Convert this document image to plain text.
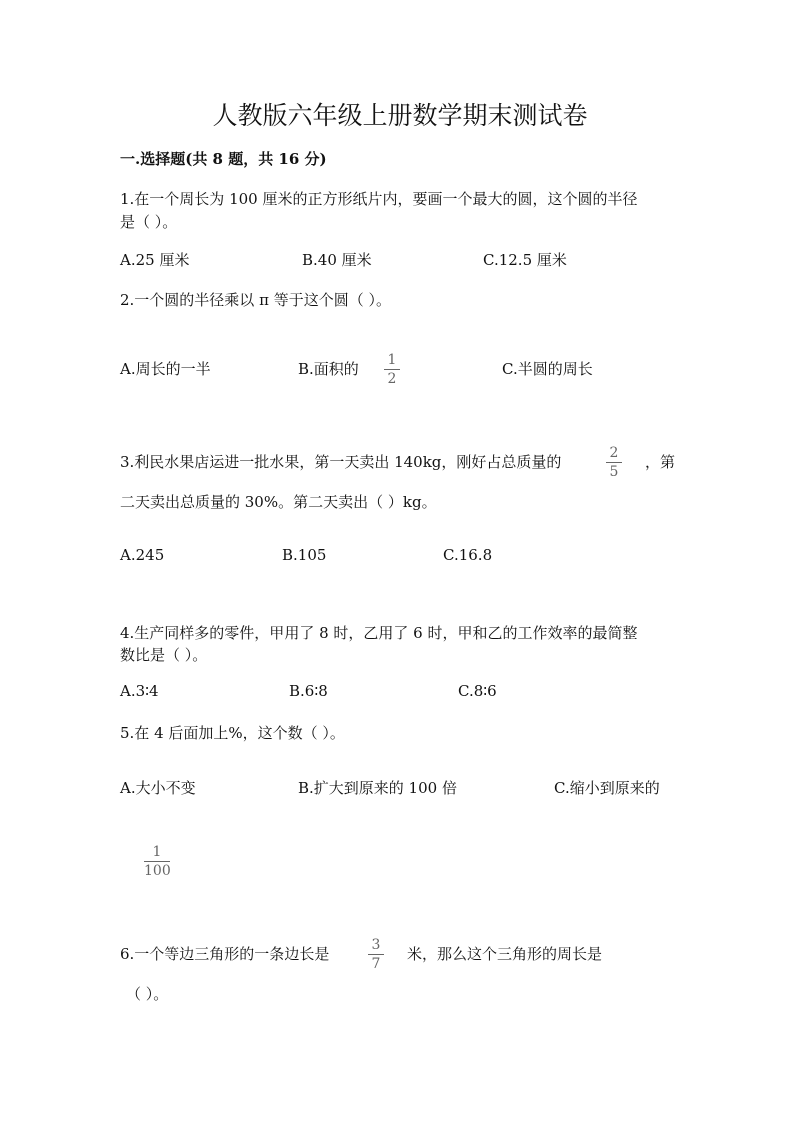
人教版六年级上册数学期末测试卷
一.选择题(共 8 题，共 16 分)
1.在一个周长为 100 厘米的正方形纸片内，要画一个最大的圆，这个圆的半径
是（ ）。
A.25 厘米	B.40 厘米	C.12.5 厘米
2.一个圆的半径乘以 π 等于这个圆（ ）。
A.周长的一半	B.面积的 1
2
C.半圆的周长
3.利民水果店运进一批水果，第一天卖出 140kg，刚好占总质量的	2
5
，第
二天卖出总质量的 30%。第二天卖出（ ）kg。
A.245	B.105	C.16.8
4.生产同样多的零件，甲用了 8 时，乙用了 6 时，甲和乙的工作效率的最简整
数比是（ ）。
A.3∶4	B.6∶8	C.8∶6
5.在 4 后面加上%，这个数（ ）。
A.大小不变	B.扩大到原来的 100 倍	C.缩小到原来的
1
100
6.一个等边三角形的一条边长是	3
7
米，那么这个三角形的周长是
（ ）。
